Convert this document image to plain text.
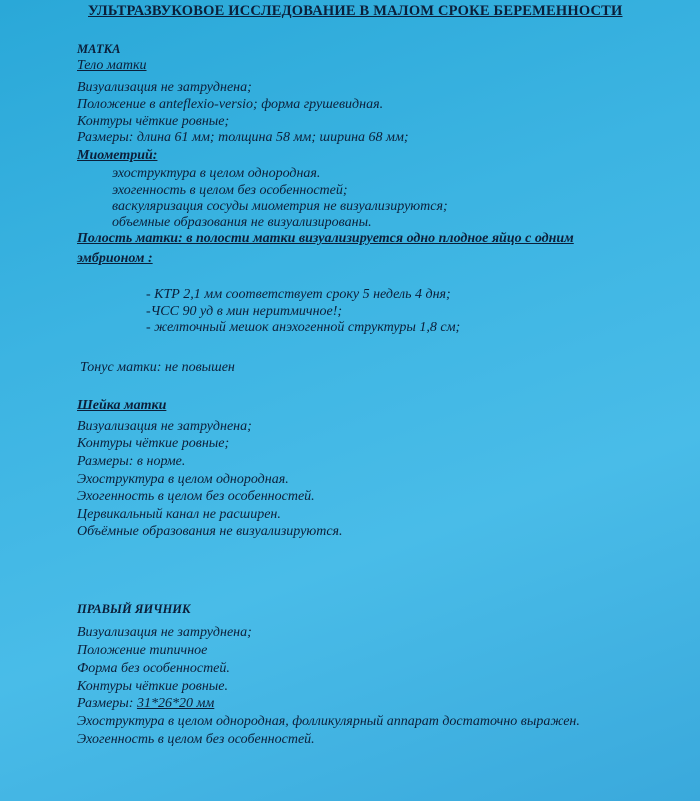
УЛЬТРАЗВУКОВОЕ ИССЛЕДОВАНИЕ В МАЛОМ СРОКЕ БЕРЕМЕННОСТИ
МАТКА
Тело матки
Визуализация не затруднена;
Положение в anteflexio-versio; форма грушевидная.
Контуры чёткие ровные;
Размеры: длина 61 мм; толщина 58 мм; ширина 68 мм;
Миометрий:
эхоструктура в целом однородная.
эхогенность в целом без особенностей;
васкуляризация сосуды миометрия не визуализируются;
объемные образования не визуализированы.
Полость матки: в полости матки визуализируется одно плодное яйцо с одним
эмбрионом :
- КТР 2,1 мм соответствует сроку 5 недель 4 дня;
-ЧСС 90 уд в мин неритмичное!;
- желточный мешок анэхогенной структуры 1,8 см;
Тонус матки: не повышен
Шейка матки
Визуализация не затруднена;
Контуры чёткие ровные;
Размеры: в норме.
Эхоструктура в целом однородная.
Эхогенность в целом без особенностей.
Цервикальный канал не расширен.
Объёмные образования не визуализируются.
ПРАВЫЙ ЯИЧНИК
Визуализация не затруднена;
Положение типичное
Форма без особенностей.
Контуры чёткие ровные.
Размеры: 31*26*20 мм
Эхоструктура в целом однородная, фолликулярный аппарат достаточно выражен.
Эхогенность в целом без особенностей.
